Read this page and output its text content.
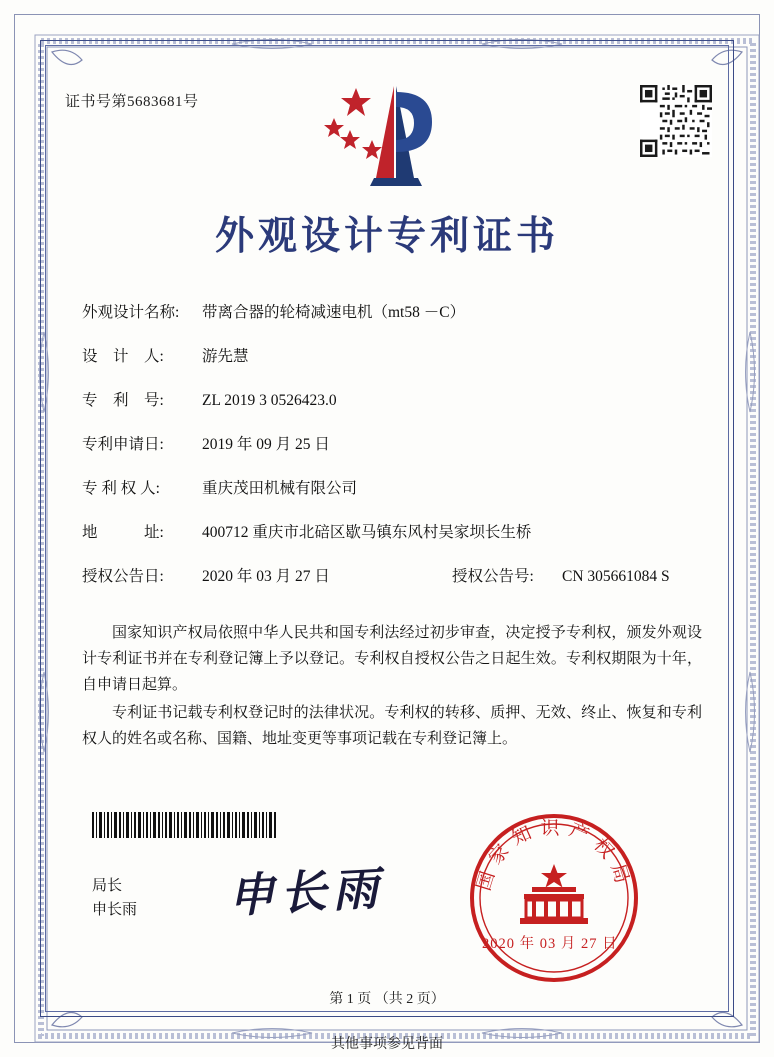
证书号第5683681号
外观设计专利证书
外观设计名称:	带离合器的轮椅减速电机（mt58 －C）
设　计　人:	游先慧
专　利　号:	ZL 2019 3 0526423.0
专利申请日:	2019 年 09 月 25 日
专 利 权 人:	重庆茂田机械有限公司
地　　　址:	400712 重庆市北碚区歇马镇东风村吴家坝长生桥
授权公告日:	2020 年 03 月 27 日	授权公告号:	CN 305661084 S
国家知识产权局依照中华人民共和国专利法经过初步审查，决定授予专利权，颁发外观设计专利证书并在专利登记簿上予以登记。专利权自授权公告之日起生效。专利权期限为十年，自申请日起算。
专利证书记载专利权登记时的法律状况。专利权的转移、质押、无效、终止、恢复和专利权人的姓名或名称、国籍、地址变更等事项记载在专利登记簿上。
局长
申长雨 申长雨	国家知识产权局
2020 年 03 月 27 日
第 1 页 （共 2 页）
其他事项参见背面
